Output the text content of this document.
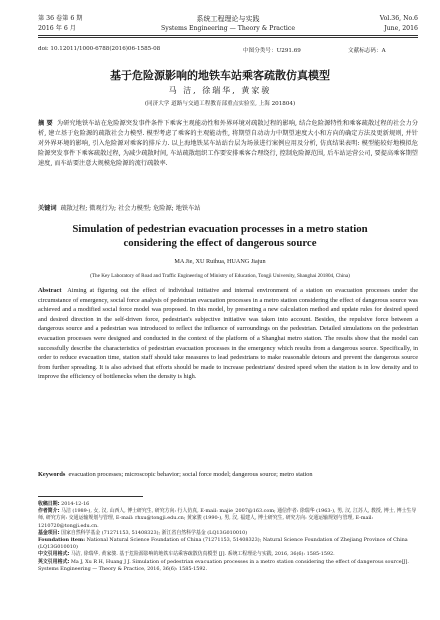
第 36 卷第 6 期	系统工程理论与实践	Vol.36, No.6
2016 年 6 月	Systems Engineering — Theory & Practice	June, 2016
doi: 10.12011/1000-6788(2016)06-1585-08	中图分类号：U291.69	文献标志码：A
基于危险源影响的地铁车站乘客疏散仿真模型
马 洁, 徐瑞华, 黄家骏
(同济大学 道路与交通工程教育部重点实验室, 上海 201804)
摘 要 为研究地铁车站在危险源突发事件条件下乘客主观能动性和外界环境对疏散过程的影响, 结合危险源特性和乘客疏散过程的社会力分析, 建立基于危险源的疏散社会力模型. 模型考虑了乘客的主观能动性, 将期望自动动力中期望速度大小和方向的确定方法及更新规则, 并针对外界环境的影响, 引入危险源对乘客的排斥力. 以上海地铁某车站站台层为场景进行案例应用及分析, 仿真结果表明: 模型能较好地模拟危险源突发事件下乘客疏散过程, 为减少疏散时间, 车站疏散组织工作要安排乘客合理绕行, 控制危险源范围, 后车站运营公司, 要提高乘客期望速度, 而车站要注意大规模危险源的流行疏散率.
关键词 疏散过程; 微观行为; 社会力模型; 危险源; 地铁车站
Simulation of pedestrian evacuation processes in a metro station
considering the effect of dangerous source
MA Jie, XU Ruihua, HUANG Jiajun
(The Key Laboratory of Road and Traffic Engineering of Ministry of Education, Tongji University, Shanghai 201804, China)
Abstract Aiming at figuring out the effect of individual initiative and internal environment of a station on evacuation processes under the circumstance of emergency, social force analysis of pedestrian evacuation processes in a metro station considering the effect of dangerous source was achieved and a modified social force model was proposed. In this model, by presenting a new calculation method and update rules for desired speed and desired direction in the self-driven force, pedestrian's subjective initiative was taken into account. Besides, the repulsive force between a dangerous source and a pedestrian was introduced to reflect the influence of surroundings on the pedestrian. Detailed simulations on the pedestrian evacuation processes were designed and conducted in the context of the platform of a Shanghai metro station. The results show that the model can successfully describe the characteristics of pedestrian evacuation processes in the emergency which results from a dangerous source. Specifically, in order to reduce evacuation time, station staff should take measures to lead pedestrians to make reasonable detours and prevent the dangerous source from further spreading. It is also advised that efforts should be made to increase pedestrians' desired speed when the station is in low density and to improve the efficiency of bottlenecks when the density is high.
Keywords evacuation processes; microscopic behavior; social force model; dangerous source; metro station
收稿日期: 2014-12-16
作者简介: 马洁 (1989-), 女, 汉, 山西人, 博士研究生, 研究方向: 行人仿真, E-mail: majie_2007@163.com; 通信作者: 徐瑞华 (1963-), 男, 汉, 江苏人, 教授, 博士, 博士生导师, 研究方向: 交通运输规划与管理, E-mail: rhxu@tongji.edu.cn; 黄家骏 (1990-), 男, 汉, 福建人, 博士研究生, 研究方向: 交通运输规划与管理, E-mail: 1210720@tongji.edu.cn.
基金项目: 国家自然科学基金 (71271153, 51408323); 浙江省自然科学基金 (LQ13G010010)
Foundation item: National Natural Science Foundation of China (71271153, 51408323); Natural Science Foundation of Zhejiang Province of China (LQ13G010010)
中文引用格式: 马洁, 徐瑞华, 黄家骏. 基于危险源影响的地铁车站乘客疏散仿真模型 [J]. 系统工程理论与实践, 2016, 36(6): 1585-1592.
英文引用格式: Ma J, Xu R H, Huang J J. Simulation of pedestrian evacuation processes in a metro station considering the effect of dangerous source[J]. Systems Engineering — Theory & Practice, 2016, 36(6): 1585-1592.
